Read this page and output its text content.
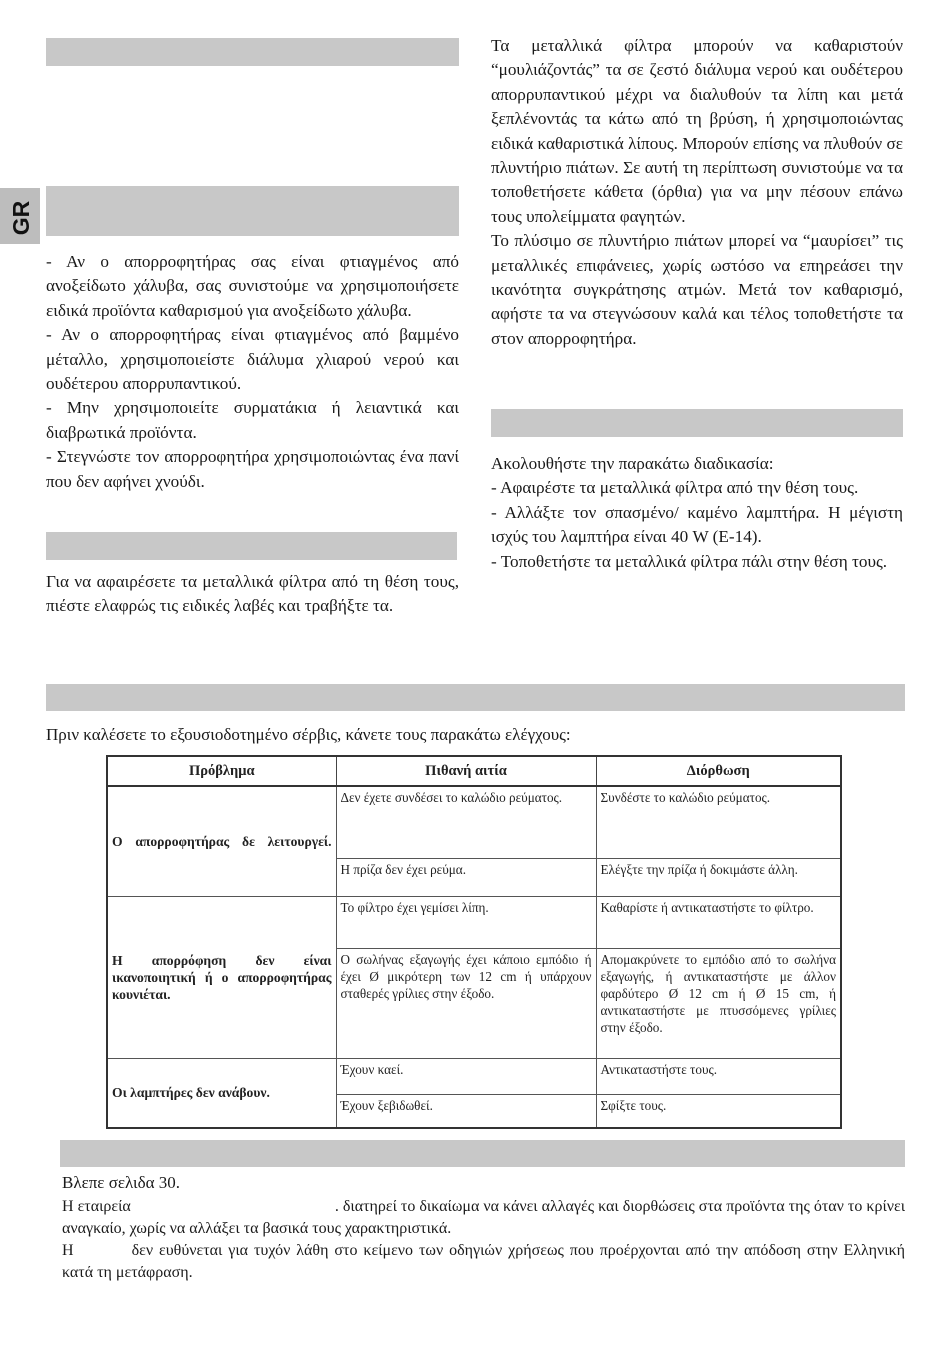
GR

- Αν ο απορροφητήρας σας είναι φτιαγμένος από ανοξείδωτο χάλυβα, σας συνιστούμε να χρησιμοποιήσετε ειδικά προϊόντα καθαρισμού για ανοξείδωτο χάλυβα.

- Αν ο απορροφητήρας είναι φτιαγμένος από βαμμένο μέταλλο, χρησιμοποιείστε διάλυμα χλιαρού νερού και ουδέτερου απορρυπαντικού.

- Μην χρησιμοποιείτε συρματάκια ή λειαντικά και διαβρωτικά προϊόντα.

- Στεγνώστε τον απορροφητήρα χρησιμοποιώντας ένα πανί που δεν αφήνει χνούδι.

Για να αφαιρέσετε τα μεταλλικά φίλτρα από τη θέση τους, πιέστε ελαφρώς τις ειδικές λαβές και τραβήξτε τα.

Τα μεταλλικά φίλτρα μπορούν να καθαριστούν “μουλιάζοντάς” τα σε ζεστό διάλυμα νερού και ουδέτερου απορρυπαντικού μέχρι να διαλυθούν τα λίπη και μετά ξεπλένοντάς τα κάτω από τη βρύση, ή χρησιμοποιώντας ειδικά καθαριστικά λίπους. Μπορούν επίσης να πλυθούν σε πλυντήριο πιάτων. Σε αυτή τη περίπτωση συνιστούμε να τα τοποθετήσετε κάθετα (όρθια) για να μην πέσουν επάνω τους υπολείμματα φαγητών.

Το πλύσιμο σε πλυντήριο πιάτων μπορεί να “μαυρίσει” τις μεταλλικές επιφάνειες, χωρίς ωστόσο να επηρεάσει την ικανότητα συγκράτησης ατμών. Μετά τον καθαρισμό, αφήστε τα να στεγνώσουν καλά και τέλος τοποθετήστε τα στον απορροφητήρα.

Ακολουθήστε την παρακάτω διαδικασία:

- Αφαιρέστε τα μεταλλικά φίλτρα από την θέση τους.

- Αλλάξτε τον σπασμένο/ καμένο λαμπτήρα. Η μέγιστη ισχύς του λαμπτήρα είναι 40 W (E-14).

- Τοποθετήστε τα μεταλλικά φίλτρα πάλι στην θέση τους.

Πριν καλέσετε το εξουσιοδοτημένο σέρβις, κάνετε τους παρακάτω ελέγχους:
Πρόβλημα	Πιθανή αιτία	Διόρθωση
Ο απορροφητήρας δε λειτουργεί.	Δεν έχετε συνδέσει το καλώδιο ρεύματος.	Συνδέστε το καλώδιο ρεύματος.
	Η πρίζα δεν έχει ρεύμα.	Ελέγξτε την πρίζα ή δοκιμάστε άλλη.
Η απορρόφηση δεν είναι ικανοποιητική ή ο απορροφητήρας κουνιέται.	Το φίλτρο έχει γεμίσει λίπη.	Καθαρίστε ή αντικαταστήστε το φίλτρο.
	Ο σωλήνας εξαγωγής έχει κάποιο εμπόδιο ή έχει Ø μικρότερη των 12 cm ή υπάρχουν σταθερές γρίλιες στην έξοδο.	Απομακρύνετε το εμπόδιο από το σωλήνα εξαγωγής, ή αντικαταστήστε με άλλον φαρδύτερο Ø 12 cm ή Ø 15 cm, ή αντικαταστήστε με πτυσσόμενες γρίλιες στην έξοδο.
Οι λαμπτήρες δεν ανάβουν.	Έχουν καεί.	Αντικαταστήστε τους.
	Έχουν ξεβιδωθεί.	Σφίξτε τους.
Βλεπε σελιδα 30.

Η εταιρεία	. διατηρεί το δικαίωμα να κάνει αλλαγές και διορθώσεις στα προϊόντα της όταν το κρίνει αναγκαίο, χωρίς να αλλάξει τα βασικά τους χαρακτηριστικά.

Η	δεν ευθύνεται για τυχόν λάθη στο κείμενο των οδηγιών χρήσεως που προέρχονται από την απόδοση στην Ελληνική κατά τη μετάφραση.
